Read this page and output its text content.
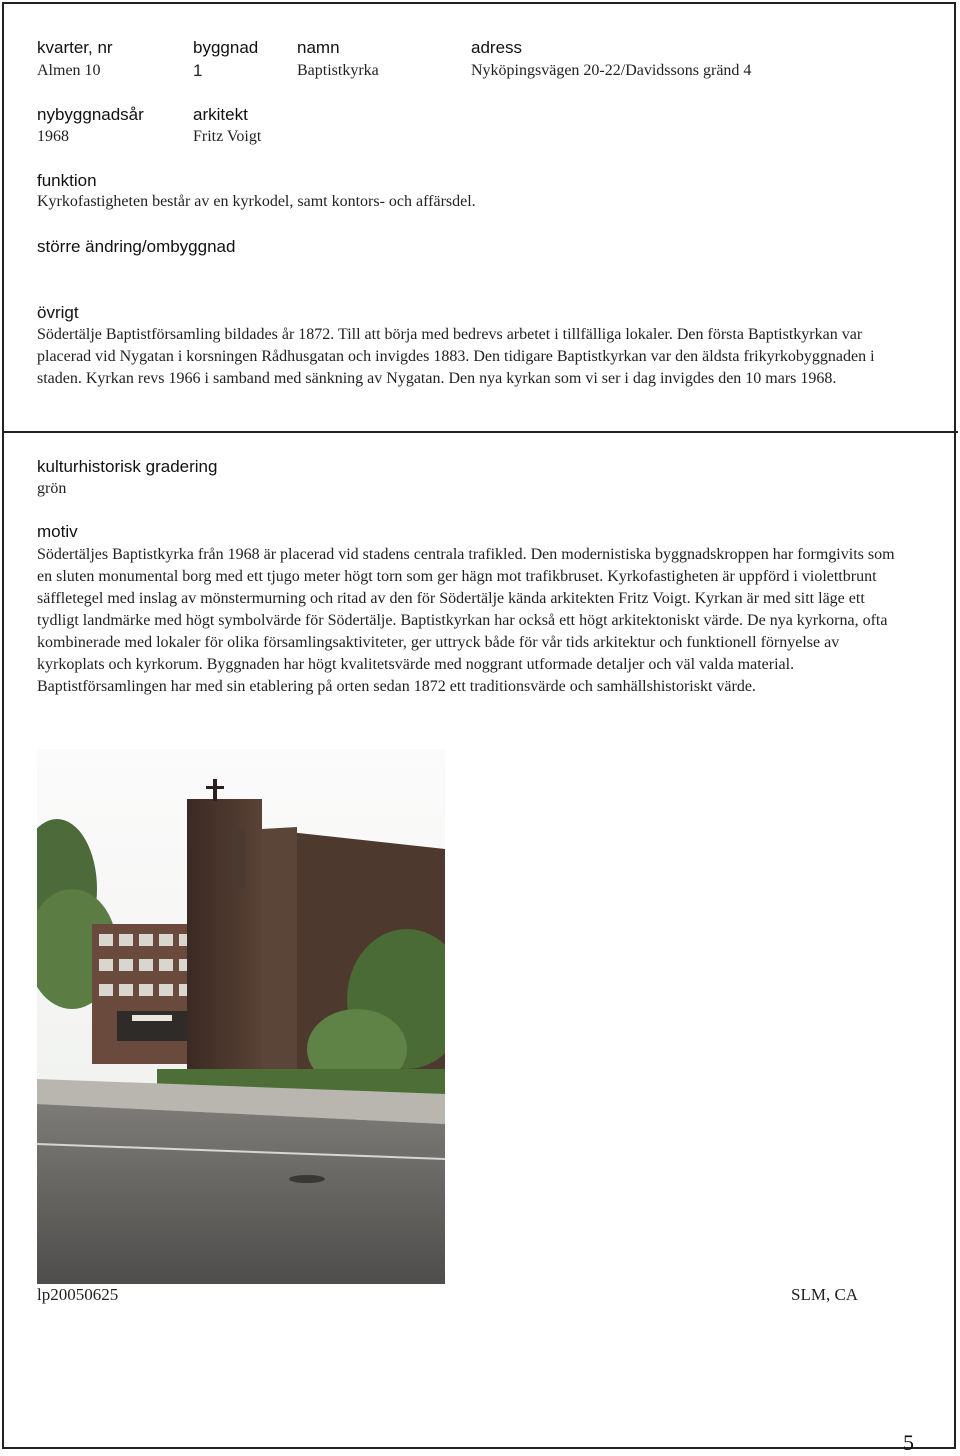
kvarter, nr
Almen 10
byggnad
1
namn
Baptistkyrka
adress
Nyköpingsvägen 20-22/Davidssons gränd 4
nybyggnadsår
1968
arkitekt
Fritz Voigt
funktion
Kyrkofastigheten består av en kyrkodel, samt kontors- och affärsdel.
större ändring/ombyggnad
övrigt
Södertälje Baptistförsamling bildades år 1872. Till att börja med bedrevs arbetet i tillfälliga lokaler. Den första Baptistkyrkan var placerad vid Nygatan i korsningen Rådhusgatan och invigdes 1883. Den tidigare Baptistkyrkan var den äldsta frikyrkobyggnaden i staden. Kyrkan revs 1966 i samband med sänkning av Nygatan. Den nya kyrkan som vi ser i dag invigdes den 10 mars 1968.
kulturhistorisk gradering
grön
motiv
Södertäljes Baptistkyrka från 1968 är placerad vid stadens centrala trafikled. Den modernistiska byggnadskroppen har formgivits som en sluten monumental borg med ett tjugo meter högt torn som ger hägn mot trafikbruset. Kyrkofastigheten är uppförd i violettbrunt säffletegel med inslag av mönstermurning och ritad av den för Södertälje kända arkitekten Fritz Voigt. Kyrkan är med sitt läge ett tydligt landmärke med högt symbolvärde för Södertälje. Baptistkyrkan har också ett högt arkitektoniskt värde. De nya kyrkorna, ofta kombinerade med lokaler för olika församlingsaktiviteter, ger uttryck både för vår tids arkitektur och funktionell förnyelse av kyrkoplats och kyrkorum. Byggnaden har högt kvalitetsvärde med noggrant utformade detaljer och väl valda material. Baptistförsamlingen har med sin etablering på orten sedan 1872 ett traditionsvärde och samhällshistoriskt värde.
lp20050625	SLM, CA
5
